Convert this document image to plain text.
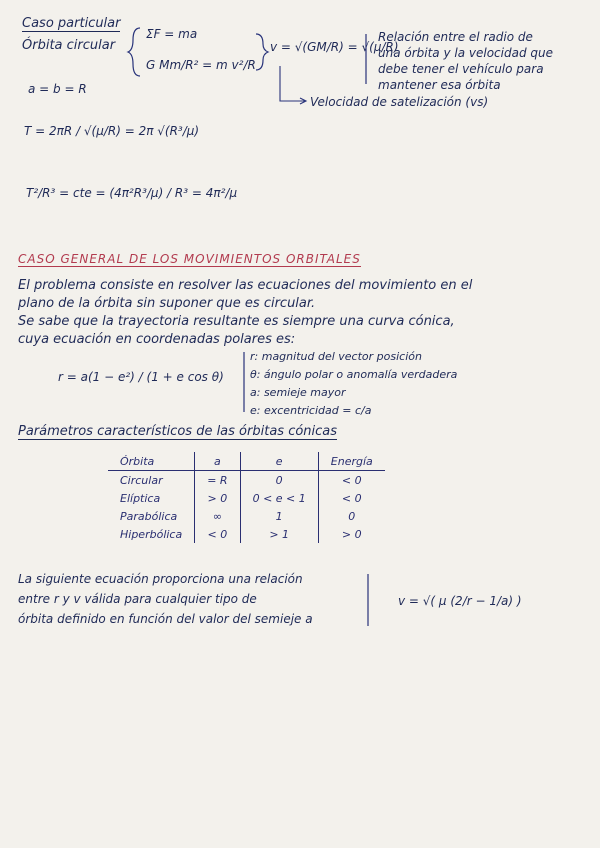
Caso particular
Órbita circular
ΣF = ma
G Mm/R² = m v²/R
v = √(GM/R) = √(μ/R)
Relación entre el radio de
una órbita y la velocidad que
debe tener el vehículo para
mantener esa órbita
Velocidad de satelización (vs)
a = b = R
T = 2πR / √(μ/R) = 2π √(R³/μ)
T²/R³ = cte = (4π²R³/μ) / R³ = 4π²/μ
CASO GENERAL DE LOS MOVIMIENTOS ORBITALES
El problema consiste en resolver las ecuaciones del movimiento en el
plano de la órbita sin suponer que es circular.
Se sabe que la trayectoria resultante es siempre una curva cónica,
cuya ecuación en coordenadas polares es:
r = a(1 − e²) / (1 + e cos θ)
r: magnitud del vector posición
θ: ángulo polar o anomalía verdadera
a: semieje mayor
e: excentricidad = c/a
Parámetros característicos de las órbitas cónicas
Órbita	a	e	Energía
Circular	= R	0	< 0
Elíptica	> 0	0 < e < 1	< 0
Parabólica	∞	1	0
Hiperbólica	< 0	> 1	> 0
La siguiente ecuación proporciona una relación
entre r y v válida para cualquier tipo de
órbita definido en función del valor del semieje a
v = √( μ (2/r − 1/a) )
